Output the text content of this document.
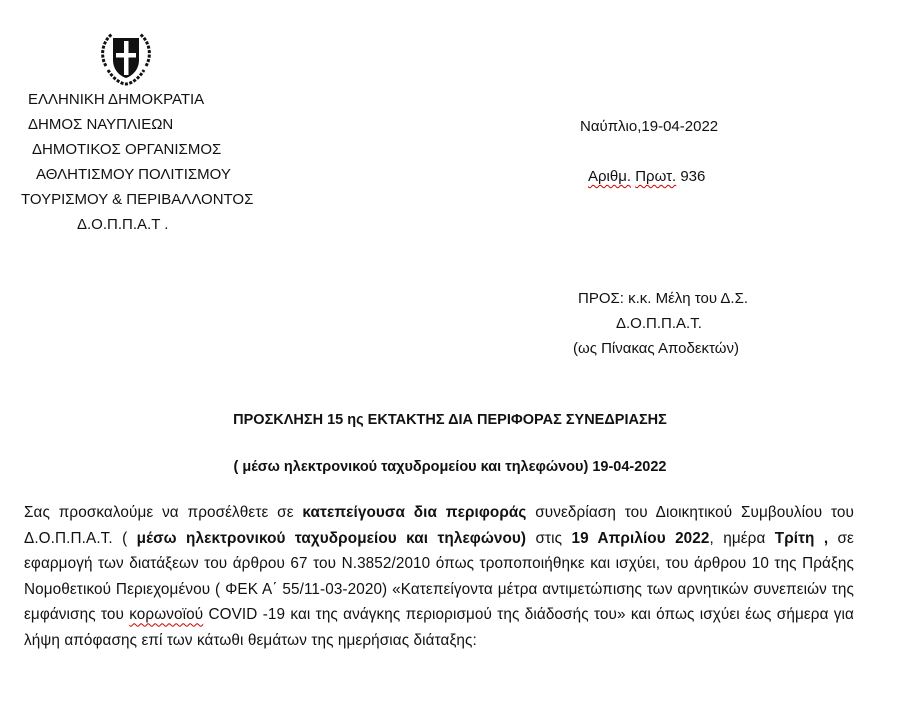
ΕΛΛΗΝΙΚΗ ΔΗΜΟΚΡΑΤΙΑ
ΔΗΜΟΣ ΝΑΥΠΛΙΕΩΝ
ΔΗΜΟΤΙΚΟΣ ΟΡΓΑΝΙΣΜΟΣ
ΑΘΛΗΤΙΣΜΟΥ ΠΟΛΙΤΙΣΜΟΥ
ΤΟΥΡΙΣΜΟΥ & ΠΕΡΙΒΑΛΛΟΝΤΟΣ
Δ.Ο.Π.Π.Α.Τ .
Ναύπλιο,19-04-2022
Αριθμ. Πρωτ. 936
ΠΡΟΣ: κ.κ. Μέλη του Δ.Σ.
Δ.Ο.Π.Π.Α.Τ.
(ως Πίνακας Αποδεκτών)
ΠΡΟΣΚΛΗΣΗ 15 ης ΕΚΤΑΚΤΗΣ ΔΙΑ ΠΕΡΙΦΟΡΑΣ ΣΥΝΕΔΡΙΑΣΗΣ
( μέσω ηλεκτρονικού ταχυδρομείου και τηλεφώνου) 19-04-2022
Σας προσκαλούμε να προσέλθετε σε κατεπείγουσα δια περιφοράς συνεδρίαση του Διοικητικού Συμβουλίου του Δ.Ο.Π.Π.Α.Τ. ( μέσω ηλεκτρονικού ταχυδρομείου και τηλεφώνου) στις 19 Απριλίου 2022, ημέρα Τρίτη , σε εφαρμογή των διατάξεων του άρθρου 67 του Ν.3852/2010 όπως τροποποιήθηκε και ισχύει, του άρθρου 10 της Πράξης Νομοθετικού Περιεχομένου ( ΦΕΚ Α΄ 55/11-03-2020) «Κατεπείγοντα μέτρα αντιμετώπισης των αρνητικών συνεπειών της εμφάνισης του κορωνοϊού COVID -19 και της ανάγκης περιορισμού της διάδοσής του» και όπως ισχύει έως σήμερα για λήψη απόφασης επί των κάτωθι θεμάτων της ημερήσιας διάταξης:
